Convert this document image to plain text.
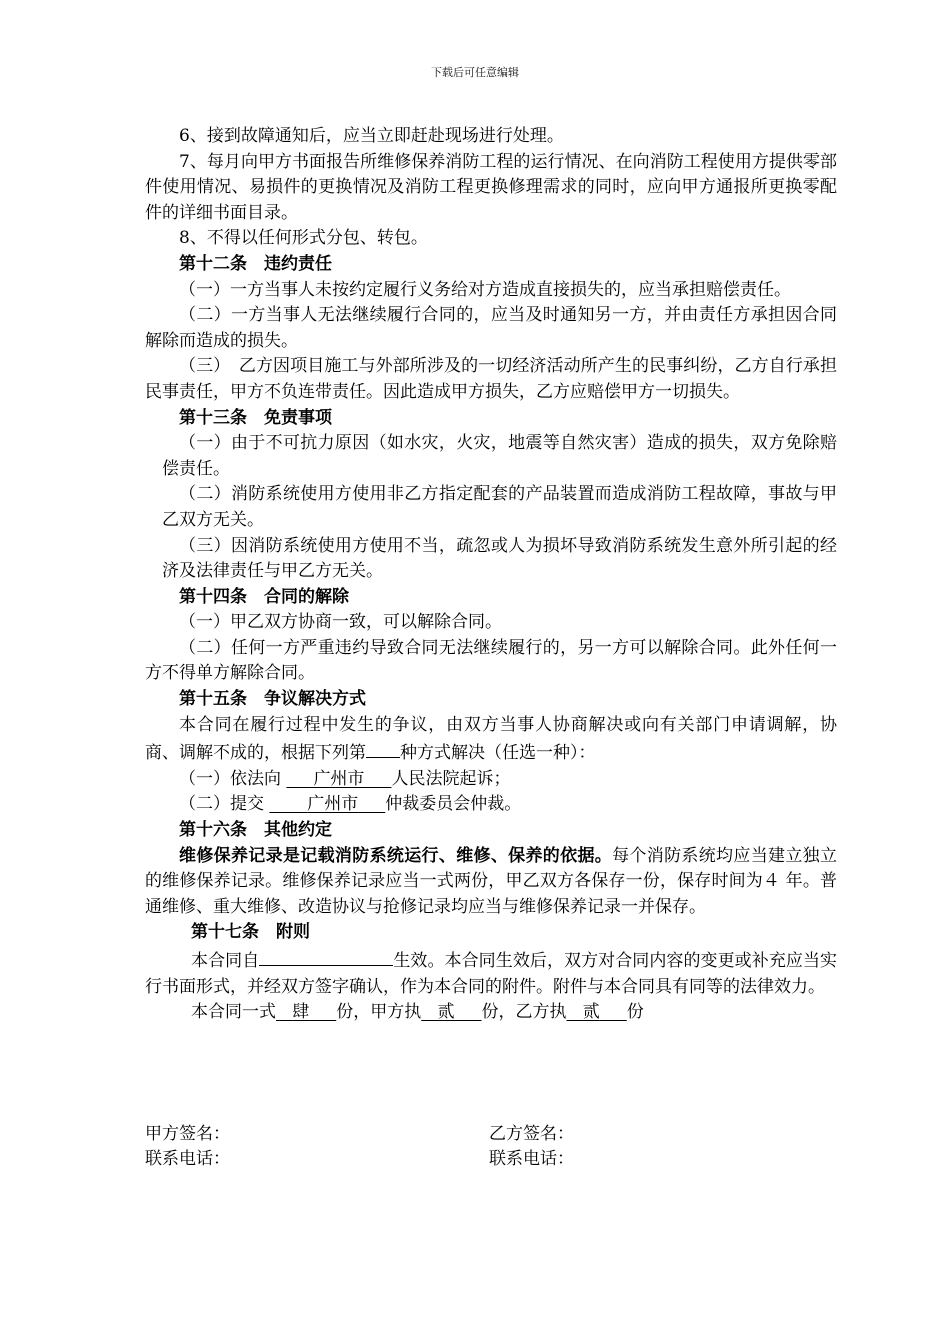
下载后可任意编辑

6、接到故障通知后，应当立即赶赴现场进行处理。

7、每月向甲方书面报告所维修保养消防工程的运行情况、在向消防工程使用方提供零部件使用情况、易损件的更换情况及消防工程更换修理需求的同时，应向甲方通报所更换零配件的详细书面目录。

8、不得以任何形式分包、转包。

第十二条　违约责任

（一）一方当事人未按约定履行义务给对方造成直接损失的，应当承担赔偿责任。

（二）一方当事人无法继续履行合同的，应当及时通知另一方，并由责任方承担因合同解除而造成的损失。

（三）　乙方因项目施工与外部所涉及的一切经济活动所产生的民事纠纷，乙方自行承担民事责任，甲方不负连带责任。因此造成甲方损失，乙方应赔偿甲方一切损失。

第十三条　免责事项

（一）由于不可抗力原因（如水灾，火灾，地震等自然灾害）造成的损失，双方免除赔偿责任。

（二）消防系统使用方使用非乙方指定配套的产品装置而造成消防工程故障，事故与甲乙双方无关。

（三）因消防系统使用方使用不当，疏忽或人为损坏导致消防系统发生意外所引起的经济及法律责任与甲乙方无关。

第十四条　合同的解除

（一）甲乙双方协商一致，可以解除合同。

（二）任何一方严重违约导致合同无法继续履行的，另一方可以解除合同。此外任何一方不得单方解除合同。

第十五条　争议解决方式

本合同在履行过程中发生的争议，由双方当事人协商解决或向有关部门申请调解，协商、调解不成的，根据下列第 种方式解决（任选一种）：

（一）依法向 广州市 人民法院起诉；

（二）提交	广州市 仲裁委员会仲裁。

第十六条　其他约定

维修保养记录是记载消防系统运行、维修、保养的依据。每个消防系统均应当建立独立的维修保养记录。维修保养记录应当一式两份，甲乙双方各保存一份，保存时间为４ 年。普通维修、重大维修、改造协议与抢修记录均应当与维修保养记录一并保存。

第十七条　附则

本合同自	生效。本合同生效后，双方对合同内容的变更或补充应当实行书面形式，并经双方签字确认，作为本合同的附件。附件与本合同具有同等的法律效力。

本合同一式 肆 份，甲方执 贰 份，乙方执 贰 份

甲方签名：	乙方签名：
联系电话：	联系电话：
